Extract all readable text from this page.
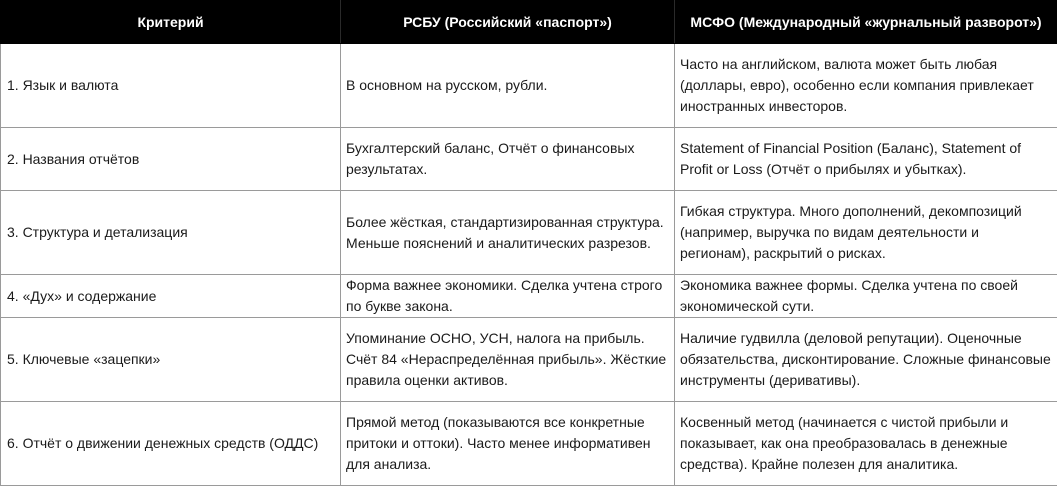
Критерий	РСБУ (Российский «паспорт»)	МСФО (Международный «журнальный разворот»)
1. Язык и валюта	В основном на русском, рубли.	Часто на английском, валюта может быть любая (доллары, евро), особенно если компания привлекает иностранных инвесторов.
2. Названия отчётов	Бухгалтерский баланс, Отчёт о финансовых результатах.	Statement of Financial Position (Баланс), Statement of Profit or Loss (Отчёт о прибылях и убытках).
3. Структура и детализация	Более жёсткая, стандартизированная структура. Меньше пояснений и аналитических разрезов.	Гибкая структура. Много дополнений, декомпозиций (например, выручка по видам деятельности и регионам), раскрытий о рисках.
4. «Дух» и содержание	Форма важнее экономики. Сделка учтена строго по букве закона.	Экономика важнее формы. Сделка учтена по своей экономической сути.
5. Ключевые «зацепки»	Упоминание ОСНО, УСН, налога на прибыль. Счёт 84 «Нераспределённая прибыль». Жёсткие правила оценки активов.	Наличие гудвилла (деловой репутации). Оценочные обязательства, дисконтирование. Сложные финансовые инструменты (деривативы).
6. Отчёт о движении денежных средств (ОДДС)	Прямой метод (показываются все конкретные притоки и оттоки). Часто менее информативен для анализа.	Косвенный метод (начинается с чистой прибыли и показывает, как она преобразовалась в денежные средства). Крайне полезен для аналитика.
